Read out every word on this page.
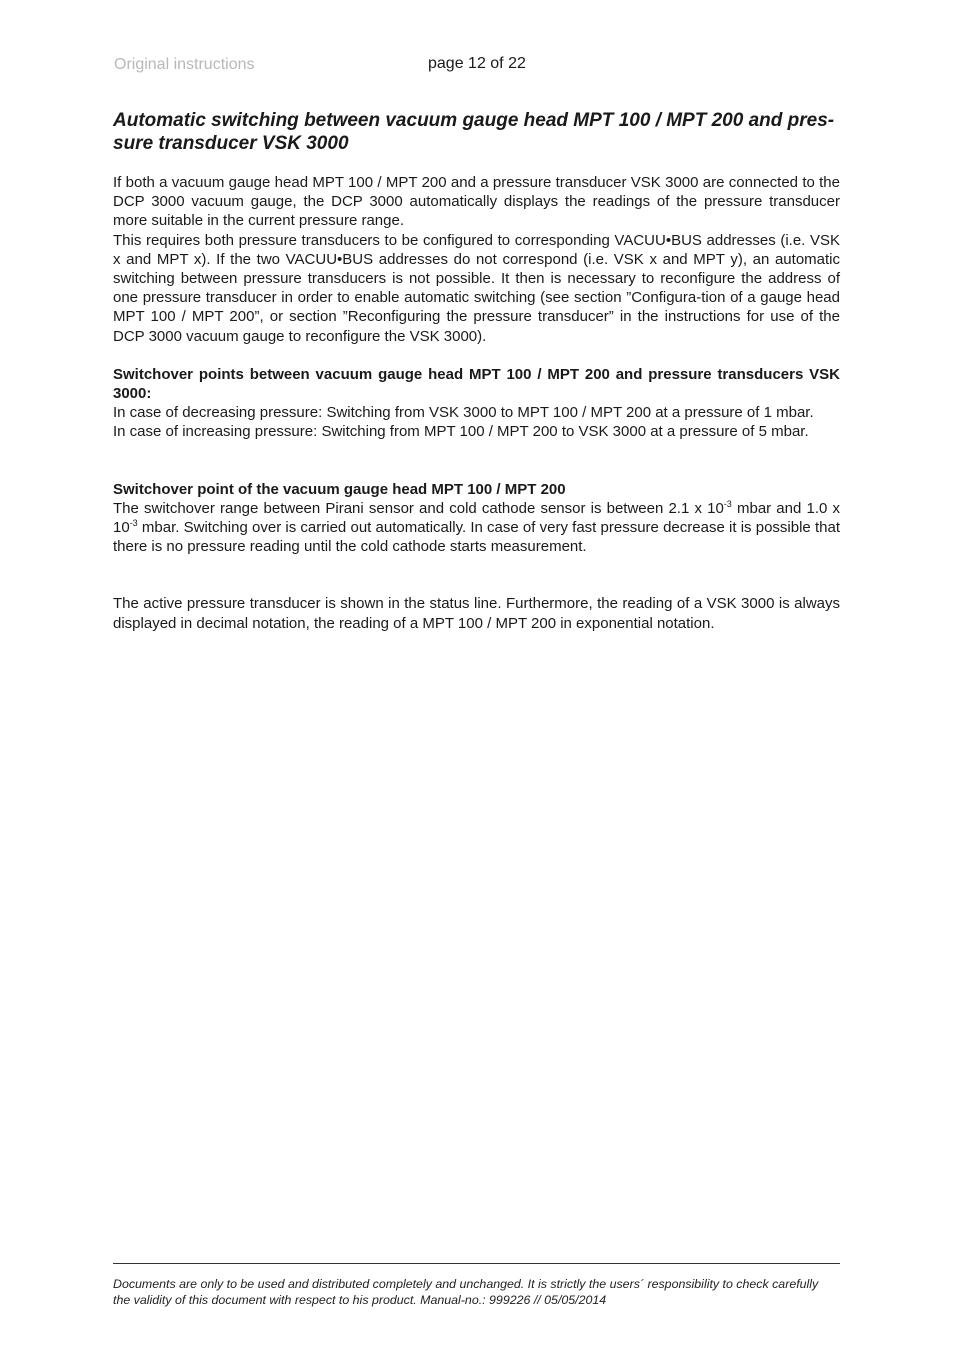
Original instructions	page 12 of 22
Automatic switching between vacuum gauge head MPT 100 / MPT 200 and pres-
sure transducer VSK 3000

If both a vacuum gauge head MPT 100 / MPT 200 and a pressure transducer VSK 3000 are connected to the DCP 3000 vacuum gauge, the DCP 3000 automatically displays the readings of the pressure transducer more suitable in the current pressure range.

This requires both pressure transducers to be configured to corresponding VACUU•BUS addresses (i.e. VSK x and MPT x). If the two VACUU•BUS addresses do not correspond (i.e. VSK x and MPT y), an automatic switching between pressure transducers is not possible. It then is necessary to reconfigure the address of one pressure transducer in order to enable automatic switching (see section ”Configura-tion of a gauge head MPT 100 / MPT 200”, or section ”Reconfiguring the pressure transducer” in the instructions for use of the DCP 3000 vacuum gauge to reconfigure the VSK 3000).

Switchover points between vacuum gauge head MPT 100 / MPT 200 and pressure transducers VSK 3000:

In case of decreasing pressure: Switching from VSK 3000 to MPT 100 / MPT 200 at a pressure of 1 mbar.

In case of increasing pressure: Switching from MPT 100 / MPT 200 to VSK 3000 at a pressure of 5 mbar.

Switchover point of the vacuum gauge head MPT 100 / MPT 200

The switchover range between Pirani sensor and cold cathode sensor is between 2.1 x $10^{-3}$ mbar and 1.0 x $10^{-3}$ mbar. Switching over is carried out automatically. In case of very fast pressure decrease it is possible that there is no pressure reading until the cold cathode starts measurement.

The active pressure transducer is shown in the status line. Furthermore, the reading of a VSK 3000 is always displayed in decimal notation, the reading of a MPT 100 / MPT 200 in exponential notation.

Documents are only to be used and distributed completely and unchanged. It is strictly the users´ responsibility to check carefully
the validity of this document with respect to his product. Manual-no.: 999226 // 05/05/2014
